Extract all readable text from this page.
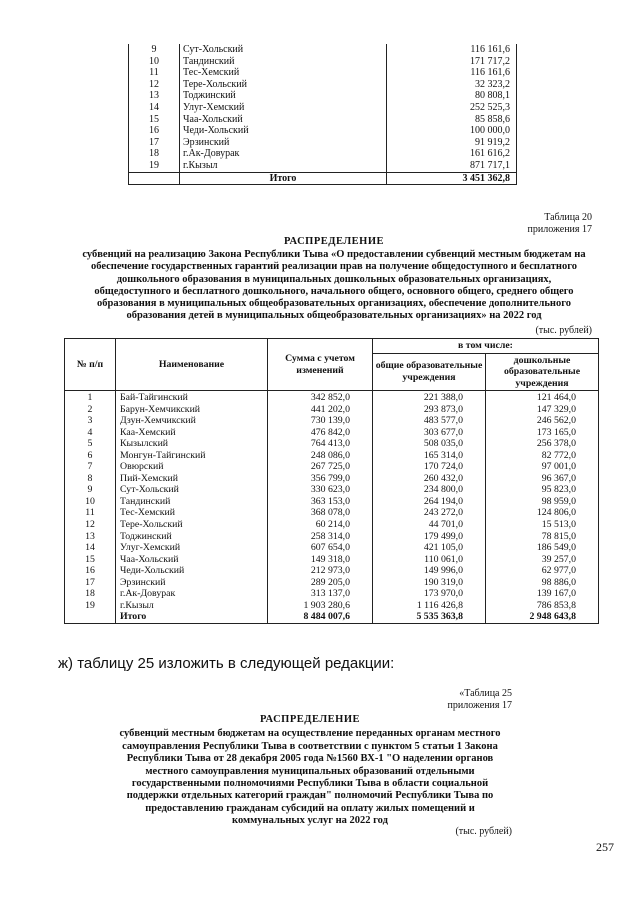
9	Сут-Хольский	116 161,6
10	Тандинский	171 717,2
11	Тес-Хемский	116 161,6
12	Тере-Хольский	32 323,2
13	Тоджинский	80 808,1
14	Улуг-Хемский	252 525,3
15	Чаа-Хольский	85 858,6
16	Чеди-Хольский	100 000,0
17	Эрзинский	91 919,2
18	г.Ак-Довурак	161 616,2
19	г.Кызыл	871 717,1
	Итого	3 451 362,8
Таблица 20
приложения 17
РАСПРЕДЕЛЕНИЕ
субвенций на реализацию Закона Республики Тыва «О предоставлении субвенций местным бюджетам на обеспечение государственных гарантий реализации прав на получение общедоступного и бесплатного дошкольного образования в муниципальных дошкольных образовательных организациях, общедоступного и бесплатного дошкольного, начального общего, основного общего, среднего общего образования в муниципальных общеобразовательных организациях, обеспечение дополнительного образования детей в муниципальных общеобразовательных организациях» на 2022 год
(тыс. рублей)
№ п/п	Наименование	Сумма с учетом изменений	в том числе:	
			общие образовательные учреждения	дошкольные образовательные учреждения
1	Бай-Тайгинский	342 852,0	221 388,0	121 464,0
2	Барун-Хемчикский	441 202,0	293 873,0	147 329,0
3	Дзун-Хемчикский	730 139,0	483 577,0	246 562,0
4	Каа-Хемский	476 842,0	303 677,0	173 165,0
5	Кызылский	764 413,0	508 035,0	256 378,0
6	Монгун-Тайгинский	248 086,0	165 314,0	82 772,0
7	Овюрский	267 725,0	170 724,0	97 001,0
8	Пий-Хемский	356 799,0	260 432,0	96 367,0
9	Сут-Хольский	330 623,0	234 800,0	95 823,0
10	Тандинский	363 153,0	264 194,0	98 959,0
11	Тес-Хемский	368 078,0	243 272,0	124 806,0
12	Тере-Хольский	60 214,0	44 701,0	15 513,0
13	Тоджинский	258 314,0	179 499,0	78 815,0
14	Улуг-Хемский	607 654,0	421 105,0	186 549,0
15	Чаа-Хольский	149 318,0	110 061,0	39 257,0
16	Чеди-Хольский	212 973,0	149 996,0	62 977,0
17	Эрзинский	289 205,0	190 319,0	98 886,0
18	г.Ак-Довурак	313 137,0	173 970,0	139 167,0
19	г.Кызыл	1 903 280,6	1 116 426,8	786 853,8
	Итого	8 484 007,6	5 535 363,8	2 948 643,8
ж) таблицу 25 изложить в следующей редакции:
«Таблица 25
приложения 17
РАСПРЕДЕЛЕНИЕ
субвенций местным бюджетам на осуществление переданных органам местного самоуправления Республики Тыва в соответствии с пунктом 5 статьи 1 Закона Республики Тыва от 28 декабря 2005 года №1560 ВХ-1 "О наделении органов местного самоуправления муниципальных образований отдельными государственными полномочиями Республики Тыва в области социальной поддержки отдельных категорий граждан" полномочий Республики Тыва по предоставлению гражданам субсидий на оплату жилых помещений и коммунальных услуг на 2022 год
(тыс. рублей)
257
